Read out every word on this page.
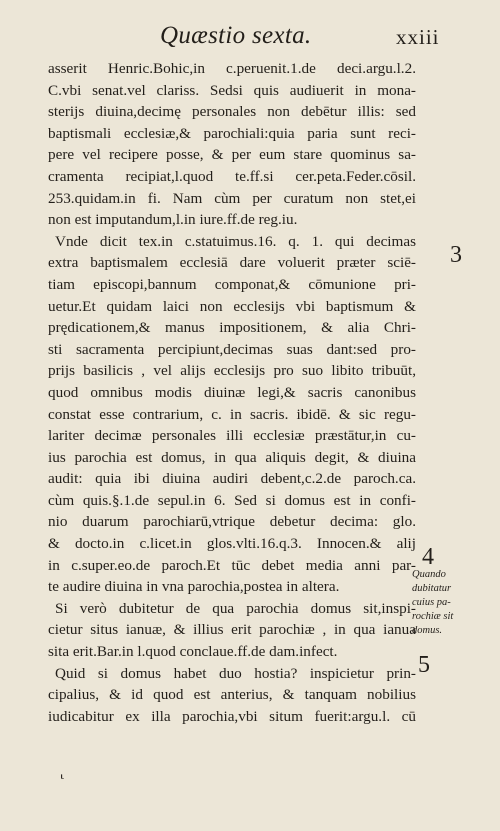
Quæstio sexta.	xxiii
asserit Henric.Bohic,in c.peruenit.1.de deci.argu.l.2.
C.vbi senat.vel clariss. Sedsi quis audiuerit in mona-
sterijs diuina,decimę personales non debētur illis: sed
baptismali ecclesiæ,& parochiali:quia paria sunt reci-
pere vel recipere posse, & per eum stare quominus sa-
cramenta recipiat,l.quod te.ff.si cer.peta.Feder.cōsil.
253.quidam.in fi. Nam cùm per curatum non stet,ei
non est imputandum,l.in iure.ff.de reg.iu.
Vnde dicit tex.in c.statuimus.16. q. 1. qui decimas
extra baptismalem ecclesiā dare voluerit præter sciē-
tiam episcopi,bannum componat,& cōmunione pri-
uetur.Et quidam laici non ecclesijs vbi baptismum &
prędicationem,& manus impositionem, & alia Chri-
sti sacramenta percipiunt,decimas suas dant:sed pro-
prijs basilicis , vel alijs ecclesijs pro suo libito tribuūt,
quod omnibus modis diuinæ legi,& sacris canonibus
constat esse contrarium, c. in sacris. ibidē. & sic regu-
lariter decimæ personales illi ecclesiæ præstātur,in cu-
ius parochia est domus, in qua aliquis degit, & diuina
audit: quia ibi diuina audiri debent,c.2.de paroch.ca.
cùm quis.§.1.de sepul.in 6. Sed si domus est in confi-
nio duarum parochiarū,vtrique debetur decima: glo.
& docto.in c.licet.in glos.vlti.16.q.3. Innocen.& alij
in c.super.eo.de paroch.Et tūc debet media anni par-
te audire diuina in vna parochia,postea in altera.
Si verò dubitetur de qua parochia domus sit,inspi-
cietur situs ianuæ, & illius erit parochiæ , in qua ianua
sita erit.Bar.in l.quod conclaue.ff.de dam.infect.
Quid si domus habet duo hostia? inspicietur prin-
cipalius, & id quod est anterius, & tanquam nobilius
iudicabitur ex illa parochia,vbi situm fuerit:argu.l. cū
3
4
5
Quando
dubitatur
cuius pa-
rochiæ sit
domus.
⸤
